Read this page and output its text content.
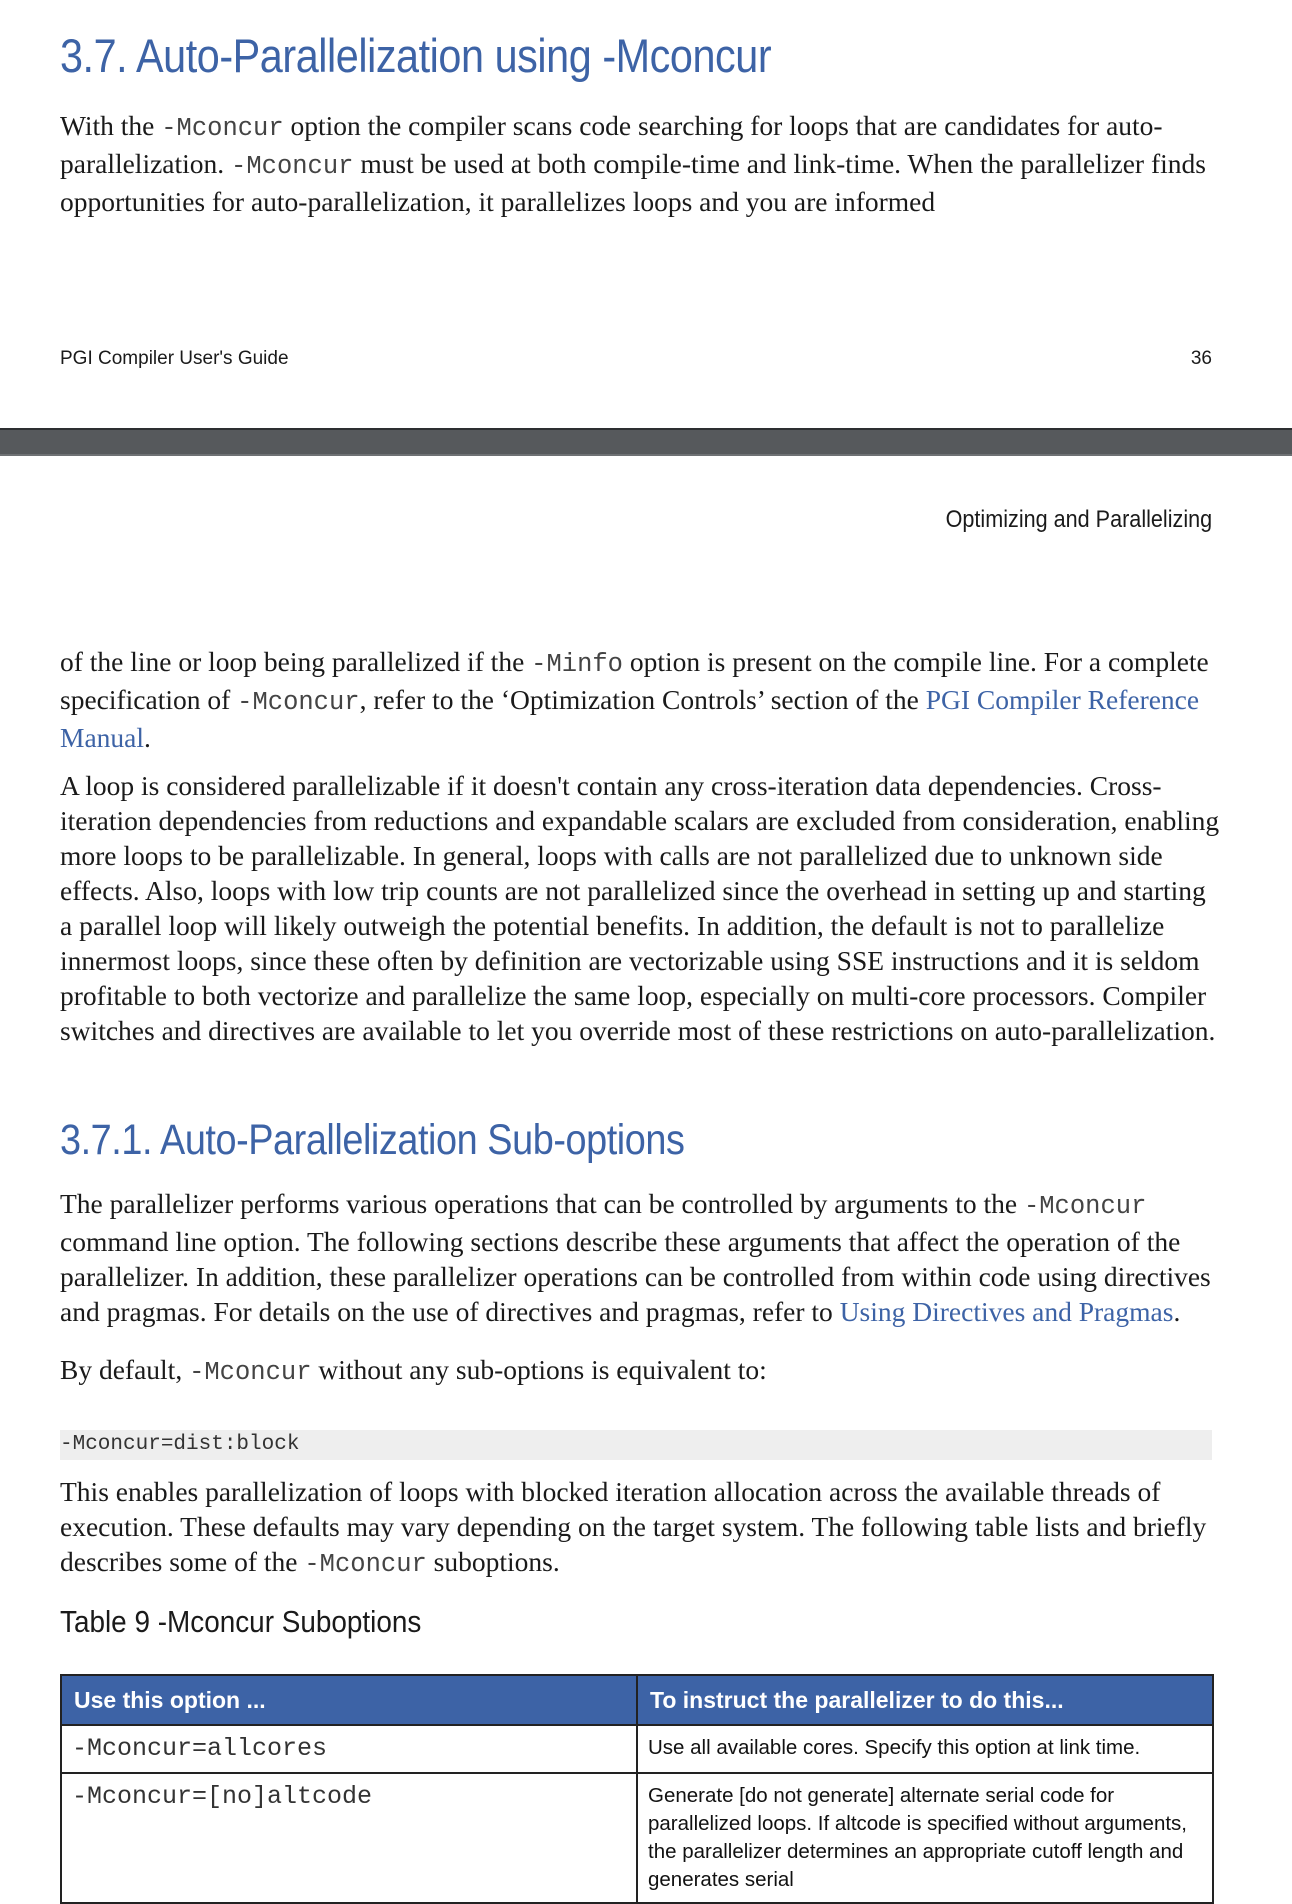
3.7. Auto-Parallelization using -Mconcur

With the -Mconcur option the compiler scans code searching for loops that are candidates for auto-parallelization. -Mconcur must be used at both compile-time and link-time. When the parallelizer finds opportunities for auto-parallelization, it parallelizes loops and you are informed

PGI Compiler User's Guide	36
Optimizing and Parallelizing

of the line or loop being parallelized if the -Minfo option is present on the compile line. For a complete specification of -Mconcur, refer to the ‘Optimization Controls’ section of the PGI Compiler Reference Manual.

A loop is considered parallelizable if it doesn't contain any cross-iteration data dependencies. Cross-iteration dependencies from reductions and expandable scalars are excluded from consideration, enabling more loops to be parallelizable. In general, loops with calls are not parallelized due to unknown side effects. Also, loops with low trip counts are not parallelized since the overhead in setting up and starting a parallel loop will likely outweigh the potential benefits. In addition, the default is not to parallelize innermost loops, since these often by definition are vectorizable using SSE instructions and it is seldom profitable to both vectorize and parallelize the same loop, especially on multi-core processors. Compiler switches and directives are available to let you override most of these restrictions on auto-parallelization.

3.7.1. Auto-Parallelization Sub-options

The parallelizer performs various operations that can be controlled by arguments to the -Mconcur command line option. The following sections describe these arguments that affect the operation of the parallelizer. In addition, these parallelizer operations can be controlled from within code using directives and pragmas. For details on the use of directives and pragmas, refer to Using Directives and Pragmas.

By default, -Mconcur without any sub-options is equivalent to:

-Mconcur=dist:block

This enables parallelization of loops with blocked iteration allocation across the available threads of execution. These defaults may vary depending on the target system. The following table lists and briefly describes some of the -Mconcur suboptions.

Table 9 -Mconcur Suboptions
Use this option ...	To instruct the parallelizer to do this...
-Mconcur=allcores	Use all available cores. Specify this option at link time.
-Mconcur=[no]altcode	Generate [do not generate] alternate serial code for parallelized loops. If altcode is specified without arguments, the parallelizer determines an appropriate cutoff length and generates serial
